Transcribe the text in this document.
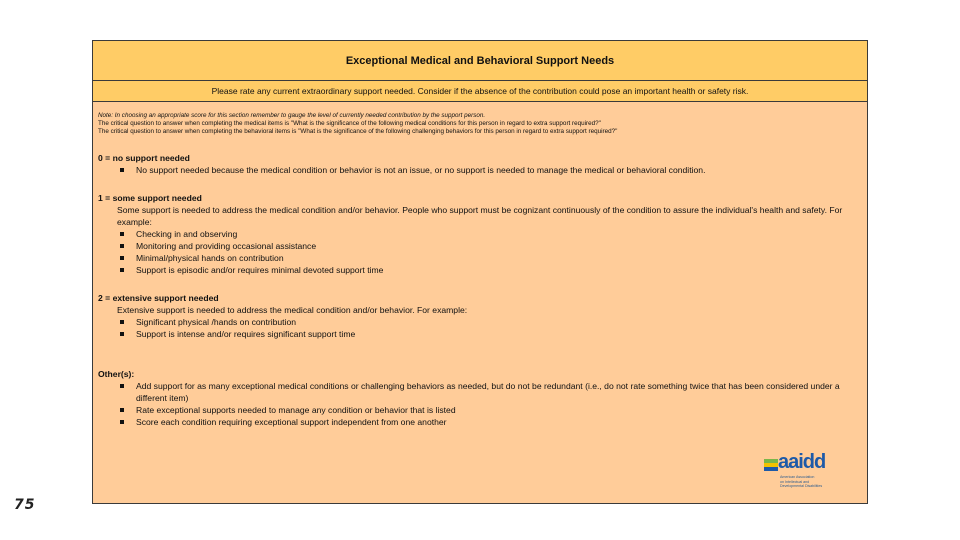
75
Exceptional Medical and Behavioral Support Needs
Please rate any current extraordinary support needed. Consider if the absence of the contribution could pose an important health or safety risk.
Note: In choosing an appropriate score for this section remember to gauge the level of currently needed contribution by the support person.
The critical question to answer when completing the medical items is "What is the significance of the following medical conditions for this person in regard to extra support required?"
The critical question to answer when completing the behavioral items is "What is the significance of the following challenging behaviors for this person in regard to extra support required?"
0 = no support needed
No support needed because the medical condition or behavior is not an issue, or no support is needed to manage the medical or behavioral condition.
1 = some support needed
Some support is needed to address the medical condition and/or behavior. People who support must be cognizant continuously of the condition to assure the individual's health and safety. For example:
Checking in and observing
Monitoring and providing occasional assistance
Minimal/physical hands on contribution
Support is episodic and/or requires minimal devoted support time
2 = extensive support needed
Extensive support is needed to address the medical condition and/or behavior. For example:
Significant physical /hands on contribution
Support is intense and/or requires significant support time
Other(s):
Add support for as many exceptional medical conditions or challenging behaviors as needed, but do not be redundant (i.e., do not rate something twice that has been considered under a different item)
Rate exceptional supports needed to manage any condition or behavior that is listed
Score each condition requiring exceptional support independent from one another
aaidd
American Association
on Intellectual and
Developmental Disabilities
